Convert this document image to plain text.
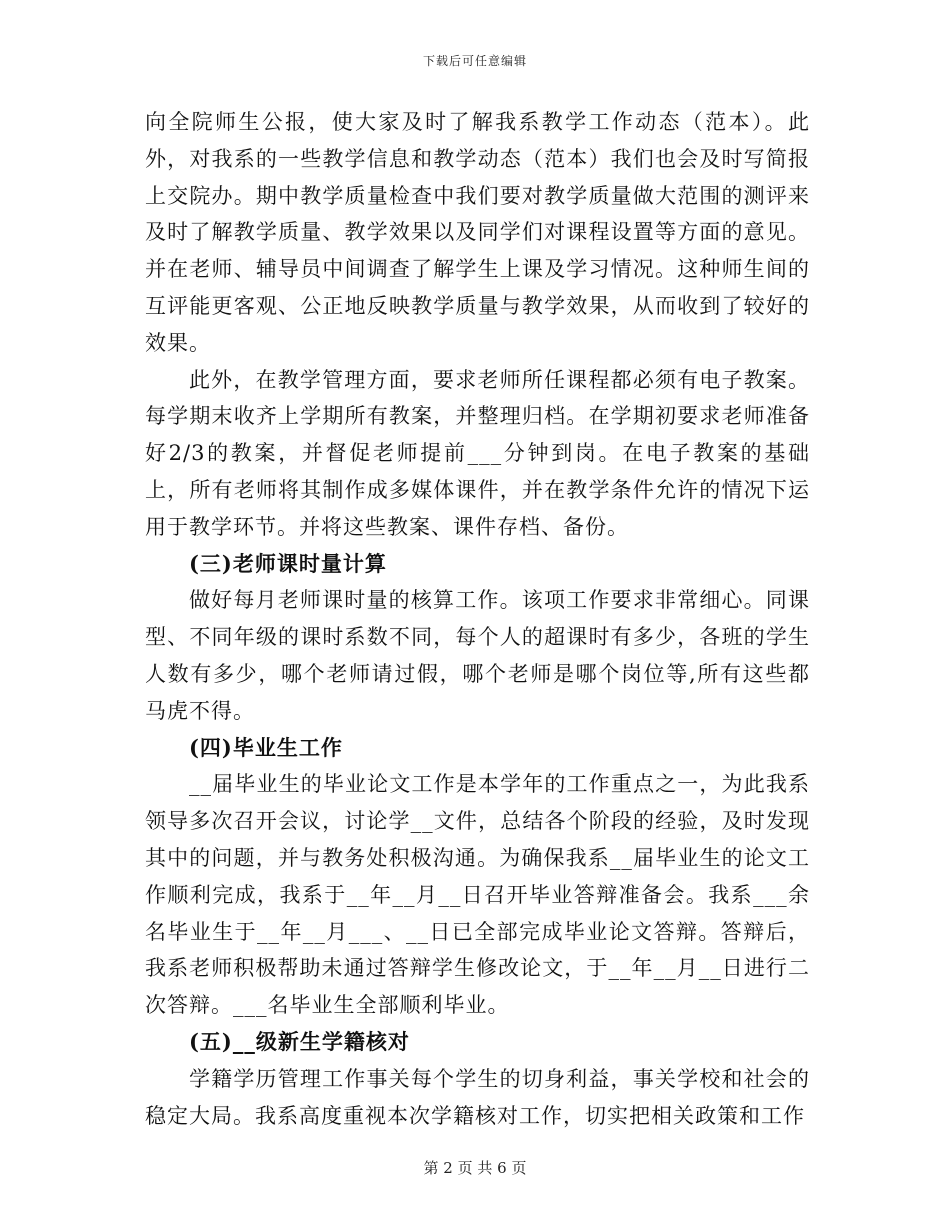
下载后可任意编辑

向全院师生公报，使大家及时了解我系教学工作动态（范本）。此外，对我系的一些教学信息和教学动态（范本）我们也会及时写简报上交院办。期中教学质量检查中我们要对教学质量做大范围的测评来及时了解教学质量、教学效果以及同学们对课程设置等方面的意见。并在老师、辅导员中间调查了解学生上课及学习情况。这种师生间的互评能更客观、公正地反映教学质量与教学效果，从而收到了较好的效果。

此外，在教学管理方面，要求老师所任课程都必须有电子教案。每学期末收齐上学期所有教案，并整理归档。在学期初要求老师准备好2/3的教案，并督促老师提前___分钟到岗。在电子教案的基础上，所有老师将其制作成多媒体课件，并在教学条件允许的情况下运用于教学环节。并将这些教案、课件存档、备份。

(三)老师课时量计算

做好每月老师课时量的核算工作。该项工作要求非常细心。同课型、不同年级的课时系数不同，每个人的超课时有多少，各班的学生人数有多少，哪个老师请过假，哪个老师是哪个岗位等,所有这些都马虎不得。

(四)毕业生工作

__届毕业生的毕业论文工作是本学年的工作重点之一，为此我系领导多次召开会议，讨论学__文件，总结各个阶段的经验，及时发现其中的问题，并与教务处积极沟通。为确保我系__届毕业生的论文工作顺利完成，我系于__年__月__日召开毕业答辩准备会。我系___余名毕业生于__年__月___、__日已全部完成毕业论文答辩。答辩后，我系老师积极帮助未通过答辩学生修改论文，于__年__月__日进行二次答辩。___名毕业生全部顺利毕业。

(五)__级新生学籍核对

学籍学历管理工作事关每个学生的切身利益，事关学校和社会的稳定大局。我系高度重视本次学籍核对工作，切实把相关政策和工作

第 2 页 共 6 页
